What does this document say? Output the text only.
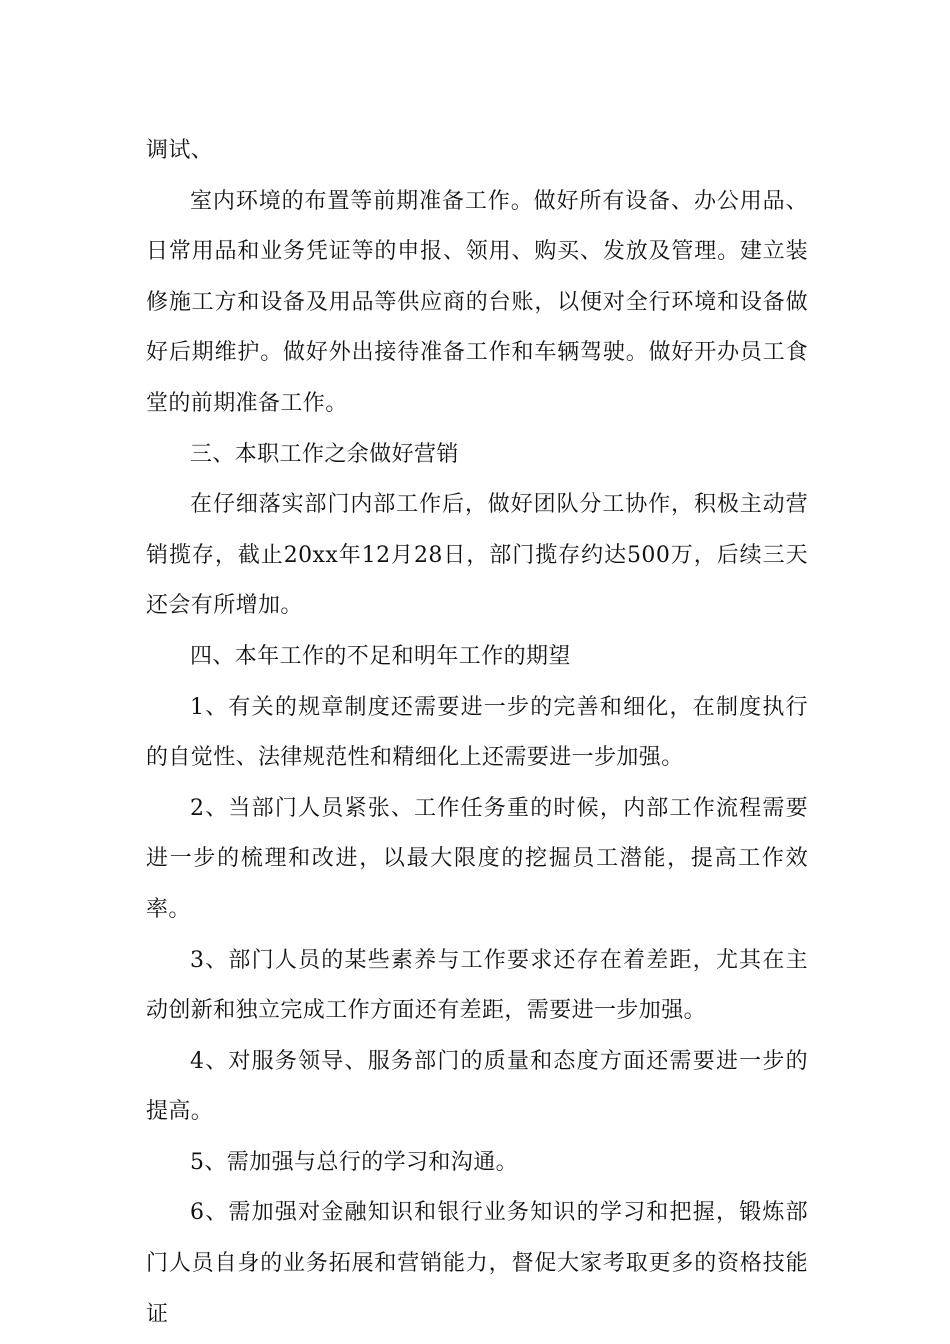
调试、

室内环境的布置等前期准备工作。做好所有设备、办公用品、日常用品和业务凭证等的申报、领用、购买、发放及管理。建立装修施工方和设备及用品等供应商的台账，以便对全行环境和设备做好后期维护。做好外出接待准备工作和车辆驾驶。做好开办员工食堂的前期准备工作。

三、本职工作之余做好营销

在仔细落实部门内部工作后，做好团队分工协作，积极主动营销揽存，截止20xx年12月28日，部门揽存约达500万，后续三天还会有所增加。

四、本年工作的不足和明年工作的期望

1、有关的规章制度还需要进一步的完善和细化，在制度执行的自觉性、法律规范性和精细化上还需要进一步加强。

2、当部门人员紧张、工作任务重的时候，内部工作流程需要进一步的梳理和改进，以最大限度的挖掘员工潜能，提高工作效率。

3、部门人员的某些素养与工作要求还存在着差距，尤其在主动创新和独立完成工作方面还有差距，需要进一步加强。

4、对服务领导、服务部门的质量和态度方面还需要进一步的提高。

5、需加强与总行的学习和沟通。

6、需加强对金融知识和银行业务知识的学习和把握，锻炼部门人员自身的业务拓展和营销能力，督促大家考取更多的资格技能证
